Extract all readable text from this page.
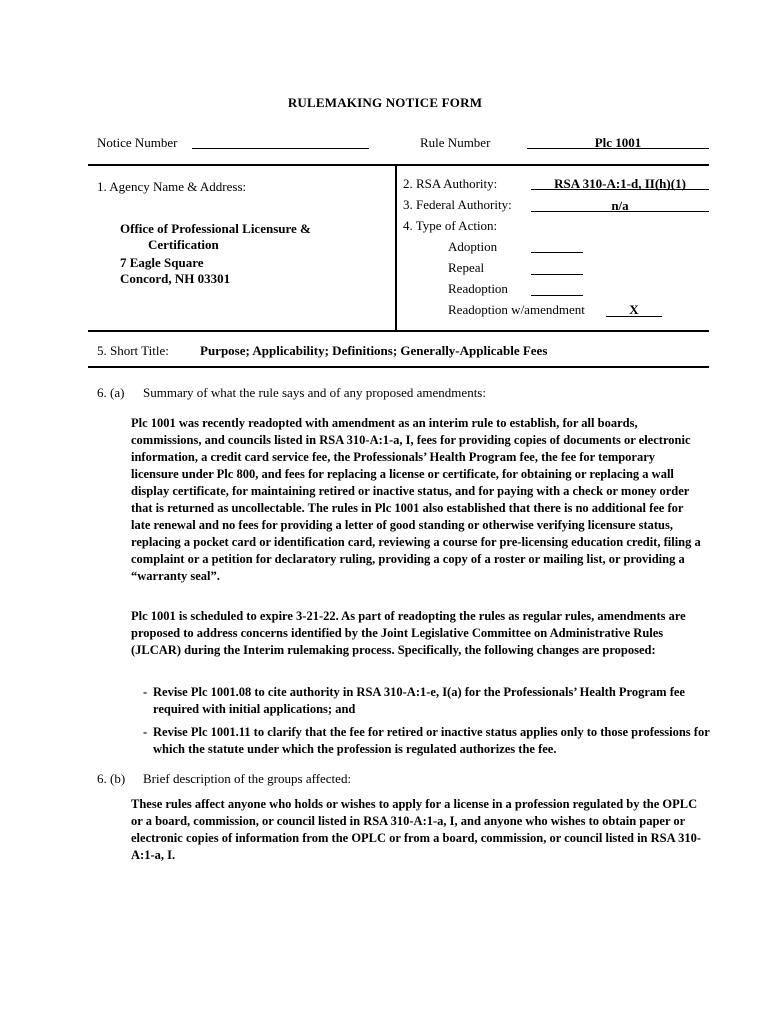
RULEMAKING NOTICE FORM
Notice Number	Rule Number	Plc 1001
1. Agency Name & Address:
Office of Professional Licensure &
Certification
7 Eagle Square
Concord, NH 03301
2. RSA Authority:	RSA 310-A:1-d, II(h)(1)
3. Federal Authority:	n/a
4. Type of Action:
Adoption
Repeal
Readoption
Readoption w/amendment	X
5. Short Title: Purpose; Applicability; Definitions; Generally-Applicable Fees
6. (a) Summary of what the rule says and of any proposed amendments:
Plc 1001 was recently readopted with amendment as an interim rule to establish, for all boards, commissions, and councils listed in RSA 310-A:1-a, I, fees for providing copies of documents or electronic information, a credit card service fee, the Professionals’ Health Program fee, the fee for temporary licensure under Plc 800, and fees for replacing a license or certificate, for obtaining or replacing a wall display certificate, for maintaining retired or inactive status, and for paying with a check or money order that is returned as uncollectable. The rules in Plc 1001 also established that there is no additional fee for late renewal and no fees for providing a letter of good standing or otherwise verifying licensure status, replacing a pocket card or identification card, reviewing a course for pre-licensing education credit, filing a complaint or a petition for declaratory ruling, providing a copy of a roster or mailing list, or providing a “warranty seal”.
Plc 1001 is scheduled to expire 3-21-22. As part of readopting the rules as regular rules, amendments are proposed to address concerns identified by the Joint Legislative Committee on Administrative Rules (JLCAR) during the Interim rulemaking process. Specifically, the following changes are proposed:
- Revise Plc 1001.08 to cite authority in RSA 310-A:1-e, I(a) for the Professionals’ Health Program fee required with initial applications; and
- Revise Plc 1001.11 to clarify that the fee for retired or inactive status applies only to those professions for which the statute under which the profession is regulated authorizes the fee.
6. (b) Brief description of the groups affected:
These rules affect anyone who holds or wishes to apply for a license in a profession regulated by the OPLC or a board, commission, or council listed in RSA 310-A:1-a, I, and anyone who wishes to obtain paper or electronic copies of information from the OPLC or from a board, commission, or council listed in RSA 310-A:1-a, I.
